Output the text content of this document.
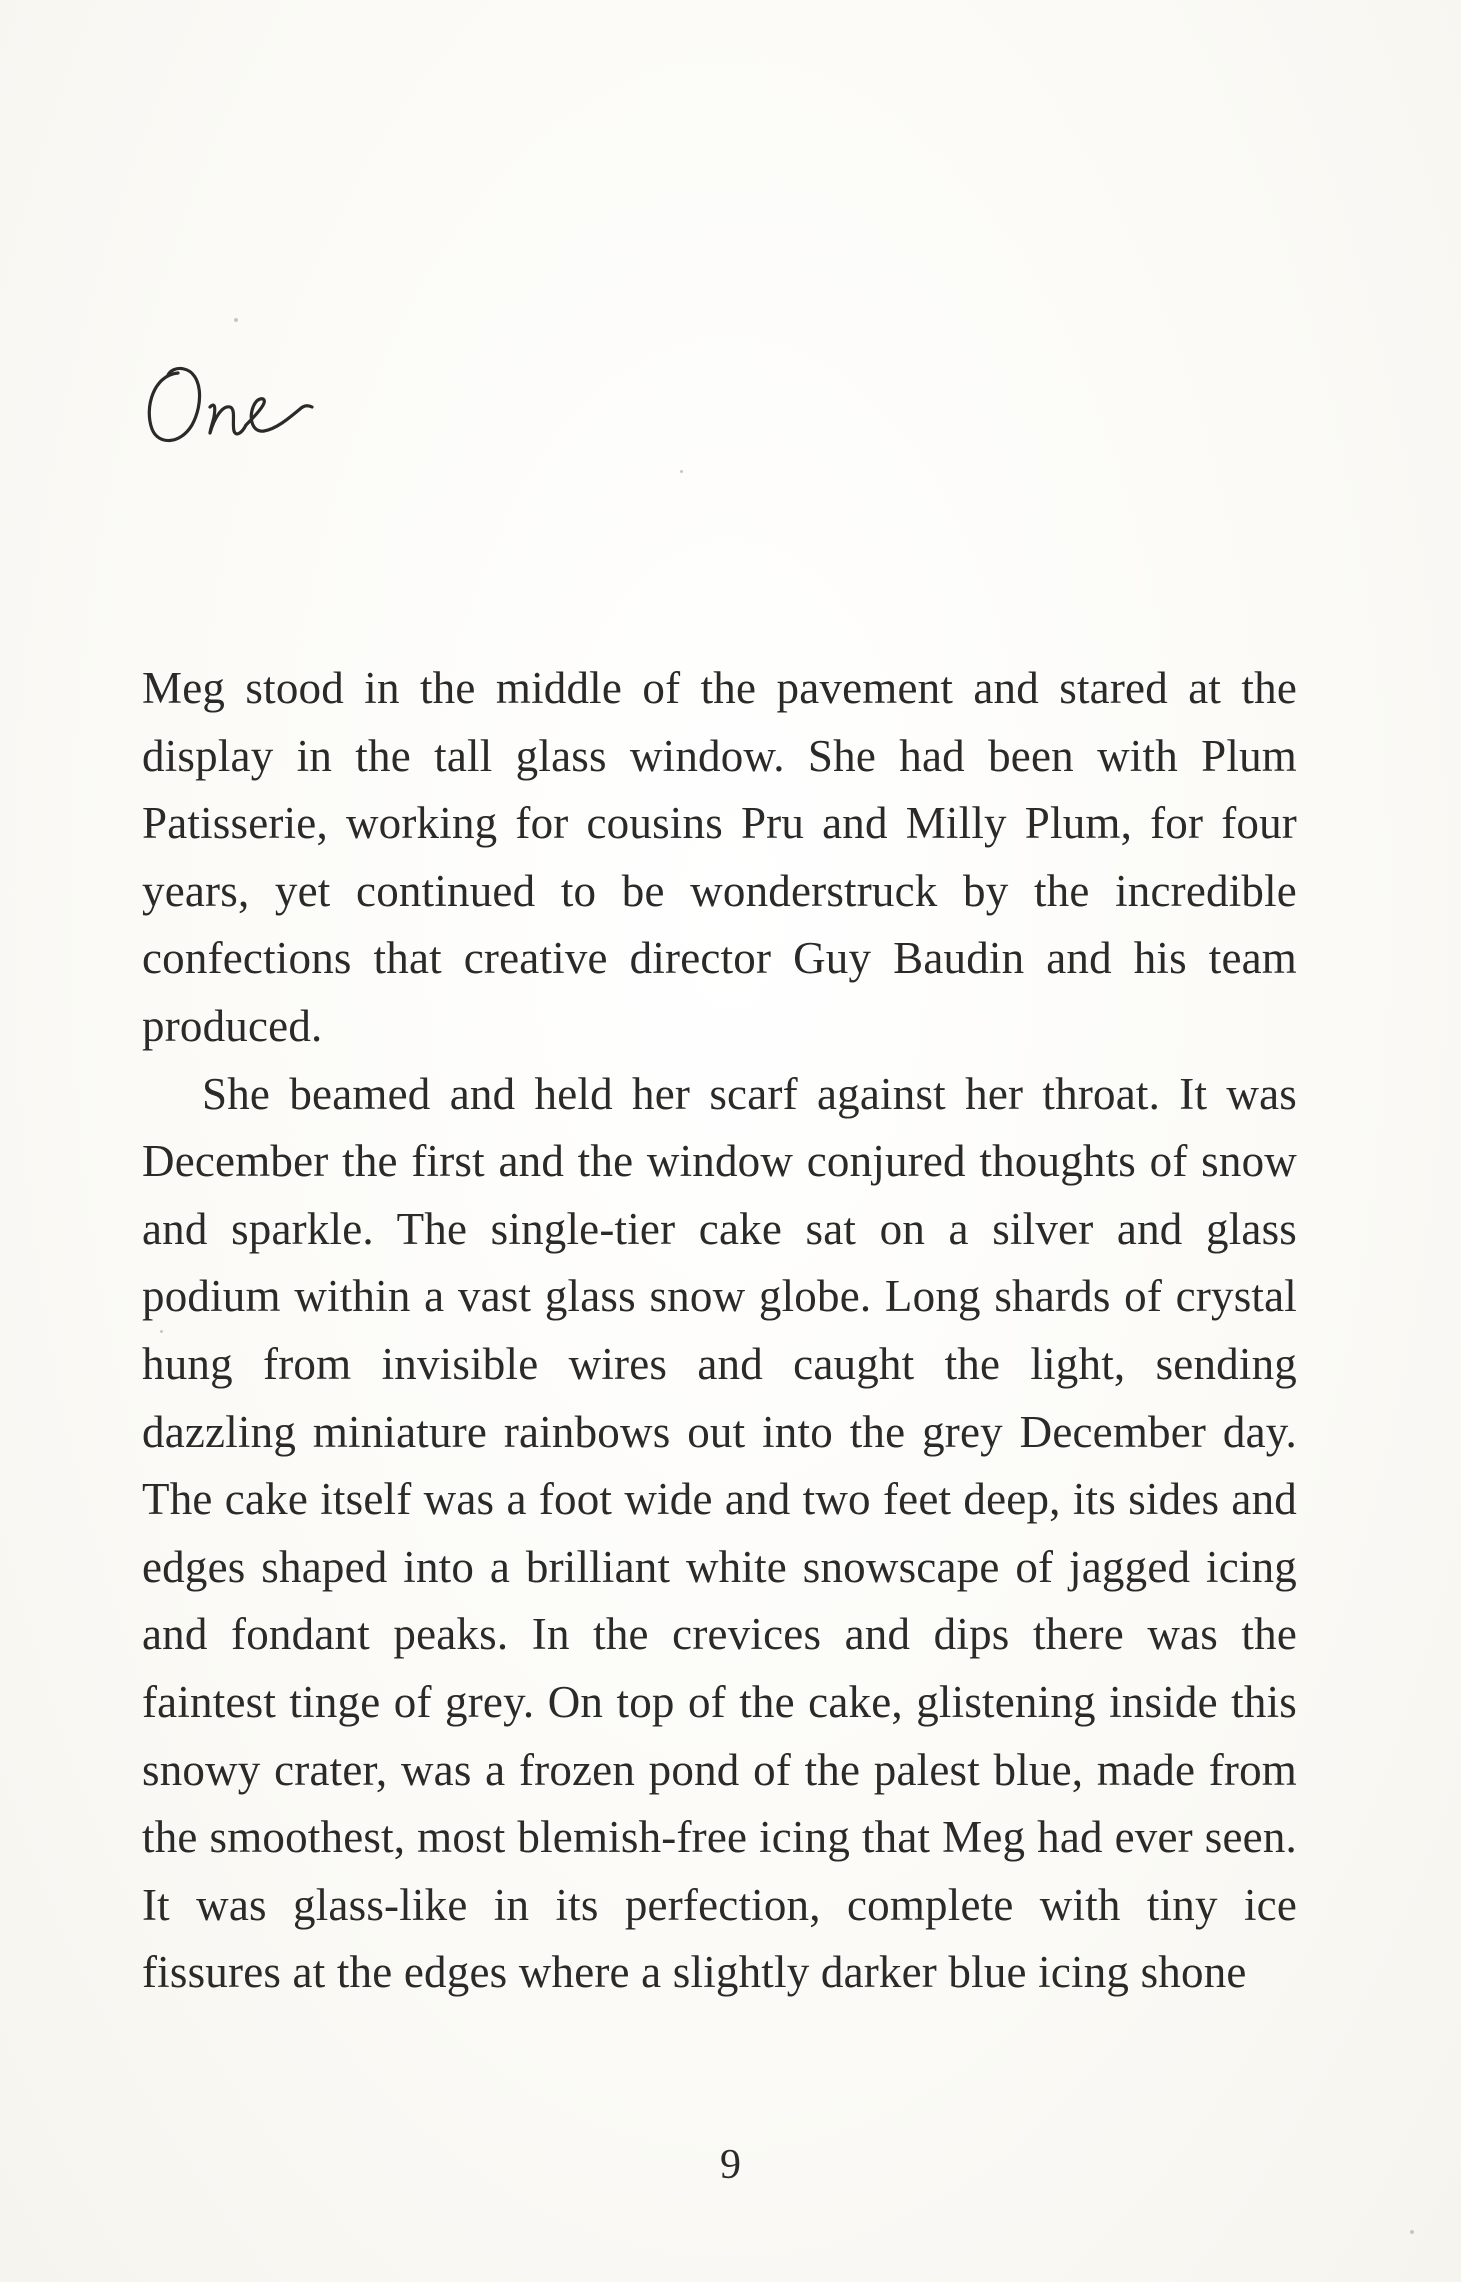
Meg stood in the middle of the pavement and stared at the display in the tall glass window. She had been with Plum Patisserie, working for cousins Pru and Milly Plum, for four years, yet continued to be wonderstruck by the incredible confections that creative director Guy Baudin and his team produced.

She beamed and held her scarf against her throat. It was December the first and the window conjured thoughts of snow and sparkle. The single-tier cake sat on a silver and glass podium within a vast glass snow globe. Long shards of crystal hung from invisible wires and caught the light, sending dazzling miniature rainbows out into the grey December day. The cake itself was a foot wide and two feet deep, its sides and edges shaped into a brilliant white snowscape of jagged icing and fondant peaks. In the crevices and dips there was the faintest tinge of grey. On top of the cake, glistening inside this snowy crater, was a frozen pond of the palest blue, made from the smoothest, most blemish-free icing that Meg had ever seen. It was glass-like in its perfection, complete with tiny ice fissures at the edges where a slightly darker blue icing shone

9
